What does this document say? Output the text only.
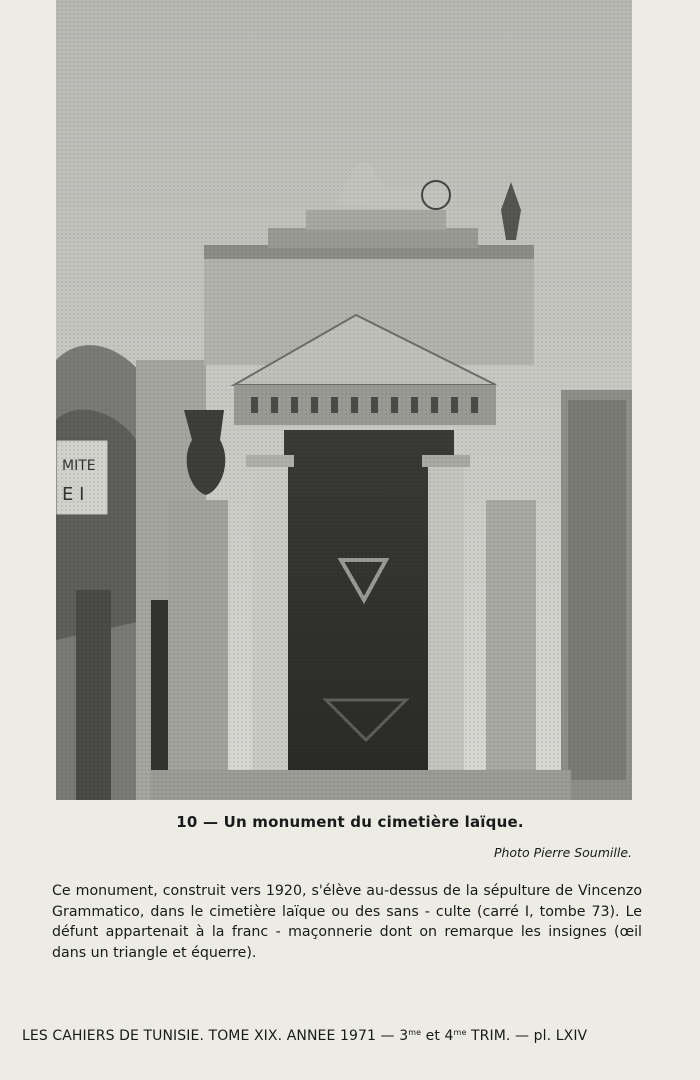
10 — Un monument du cimetière laïque.
Photo Pierre Soumille.
Ce monument, construit vers 1920, s'élève au-dessus de la sépulture de Vincenzo Grammatico, dans le cimetière laïque ou des sans - culte (carré I, tombe 73). Le défunt appartenait à la franc - maçonnerie dont on remarque les insignes (œil dans un triangle et équerre).
LES CAHIERS DE TUNISIE. TOME XIX. ANNEE 1971 — $3^{me}$ et $4^{me}$ TRIM. — pl. LXIV
